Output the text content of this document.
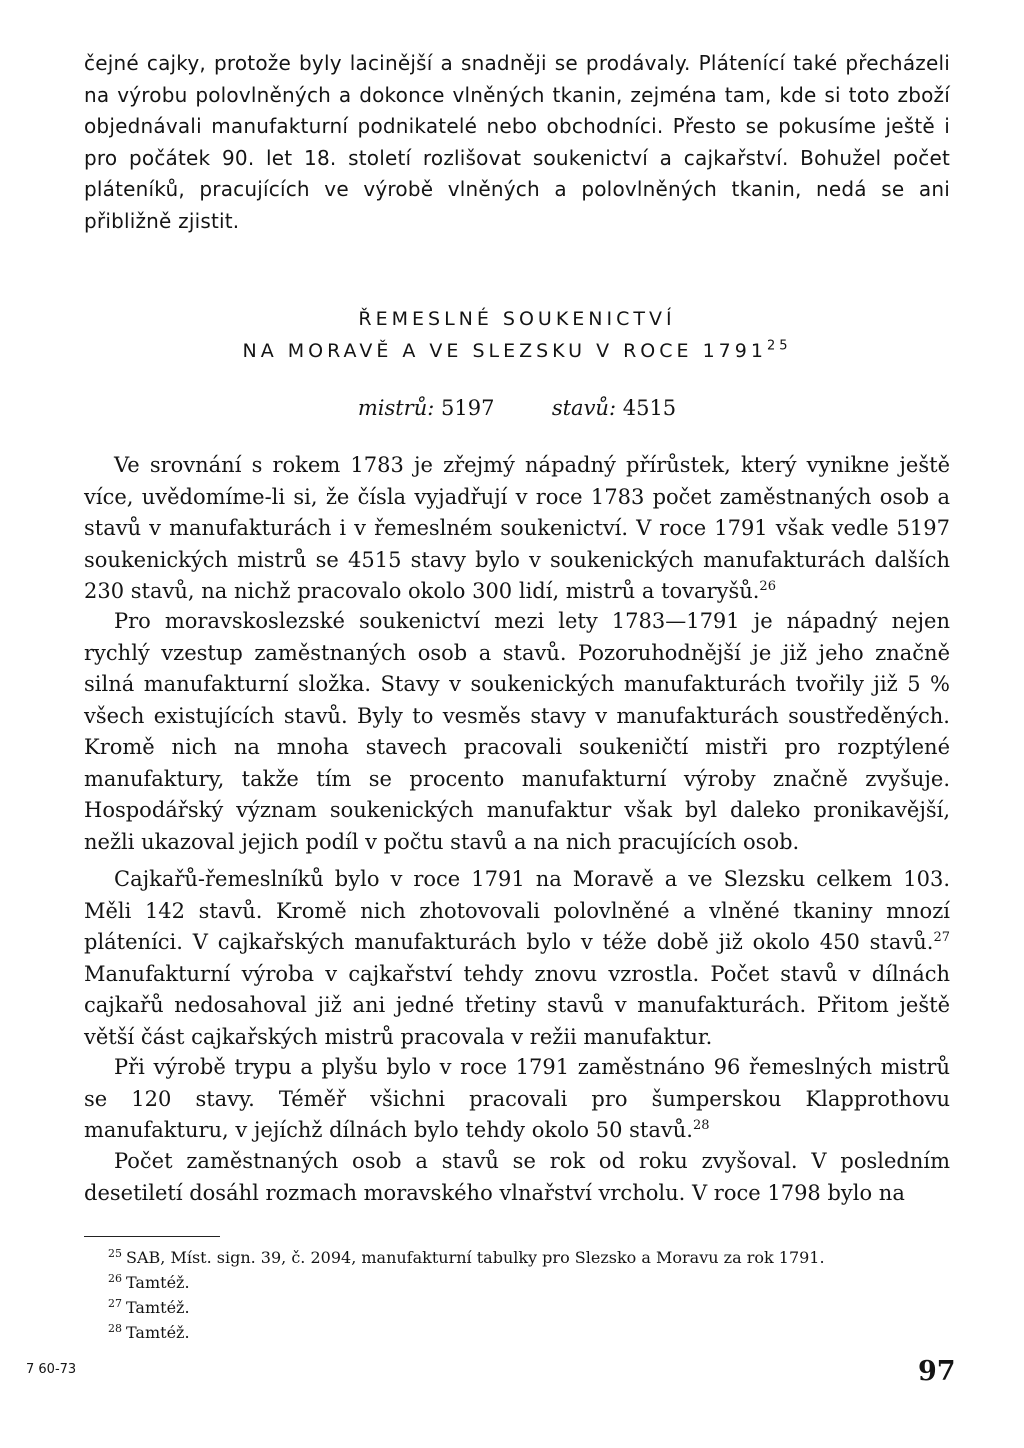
čejné cajky, protože byly lacinější a snadněji se prodávaly. Plátenící také přecházeli na výrobu polovlněných a dokonce vlněných tkanin, zejména tam, kde si toto zboží objednávali manufakturní podnikatelé nebo obchodníci. Přesto se pokusíme ještě i pro počátek 90. let 18. století rozlišovat soukenictví a cajkařství. Bohužel počet pláteníků, pracujících ve výrobě vlněných a polovlněných tkanin, nedá se ani přibližně zjistit.

ŘEMESLNÉ SOUKENICTVÍ

NA MORAVĚ A VE SLEZSKU V ROCE 1791$^{25}$

mistrů: 5197	stavů: 4515

Ve srovnání s rokem 1783 je zřejmý nápadný přírůstek, který vynikne ještě více, uvědomíme-li si, že čísla vyjadřují v roce 1783 počet zaměstnaných osob a stavů v manufakturách i v řemeslném soukenictví. V roce 1791 však vedle 5197 soukenických mistrů se 4515 stavy bylo v soukenických manufakturách dalších 230 stavů, na nichž pracovalo okolo 300 lidí, mistrů a tovaryšů.$^{26}$

Pro moravskoslezské soukenictví mezi lety 1783—1791 je nápadný nejen rychlý vzestup zaměstnaných osob a stavů. Pozoruhodnější je již jeho značně silná manufakturní složka. Stavy v soukenických manufakturách tvořily již 5 % všech existujících stavů. Byly to vesměs stavy v manufakturách soustředěných. Kromě nich na mnoha stavech pracovali soukeničtí mistři pro rozptýlené manufaktury, takže tím se procento manufakturní výroby značně zvyšuje. Hospodářský význam soukenických manufaktur však byl daleko pronikavější, nežli ukazoval jejich podíl v počtu stavů a na nich pracujících osob.

Cajkařů-řemeslníků bylo v roce 1791 na Moravě a ve Slezsku celkem 103. Měli 142 stavů. Kromě nich zhotovovali polovlněné a vlněné tkaniny mnozí pláteníci. V cajkařských manufakturách bylo v téže době již okolo 450 stavů.$^{27}$ Manufakturní výroba v cajkařství tehdy znovu vzrostla. Počet stavů v dílnách cajkařů nedosahoval již ani jedné třetiny stavů v manufakturách. Přitom ještě větší část cajkařských mistrů pracovala v režii manufaktur.

Při výrobě trypu a plyšu bylo v roce 1791 zaměstnáno 96 řemeslných mistrů se 120 stavy. Téměř všichni pracovali pro šumperskou Klapprothovu manufakturu, v jejíchž dílnách bylo tehdy okolo 50 stavů.$^{28}$

Počet zaměstnaných osob a stavů se rok od roku zvyšoval. V posledním desetiletí dosáhl rozmach moravského vlnařství vrcholu. V roce 1798 bylo na

$^{25}$ SAB, Míst. sign. 39, č. 2094, manufakturní tabulky pro Slezsko a Moravu za rok 1791.

$^{26}$ Tamtéž.

$^{27}$ Tamtéž.

$^{28}$ Tamtéž.

7 60-73	97
